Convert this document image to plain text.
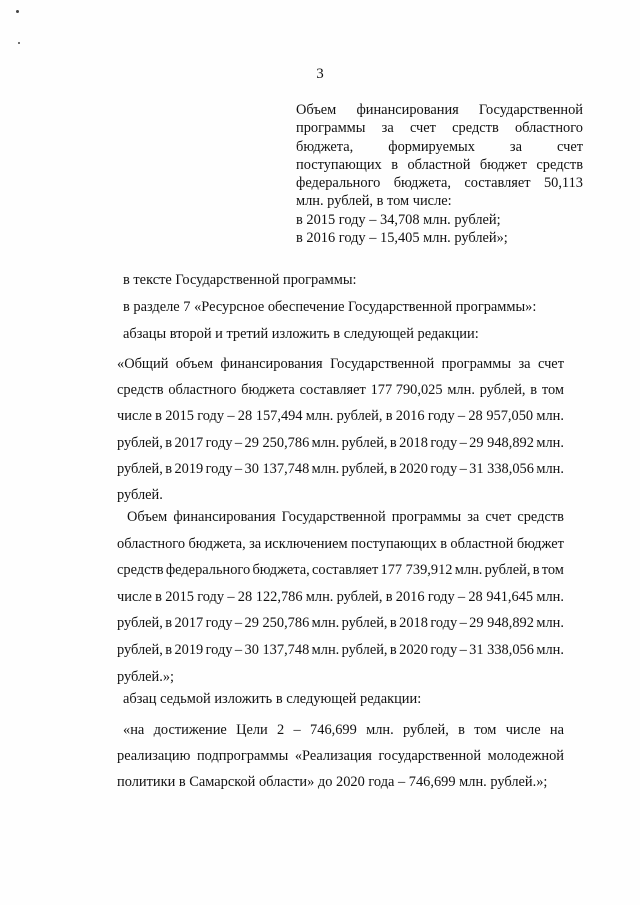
3
Объем финансирования Государственной
программы за счет средств областного
бюджета, формируемых за счет
поступающих в областной бюджет средств
федерального бюджета, составляет 50,113
млн. рублей, в том числе:
в 2015 году – 34,708 млн. рублей;
в 2016 году – 15,405 млн. рублей»;
в тексте Государственной программы:
в разделе 7 «Ресурсное обеспечение Государственной программы»:
абзацы второй и третий изложить в следующей редакции:
«Общий объем финансирования Государственной программы за счет
средств областного бюджета составляет 177 790,025 млн. рублей, в том
числе в 2015 году – 28 157,494 млн. рублей, в 2016 году – 28 957,050 млн.
рублей, в 2017 году – 29 250,786 млн. рублей, в 2018 году – 29 948,892 млн.
рублей, в 2019 году – 30 137,748 млн. рублей, в 2020 году – 31 338,056 млн.
рублей.
Объем финансирования Государственной программы за счет средств
областного бюджета, за исключением поступающих в областной бюджет
средств федерального бюджета, составляет 177 739,912 млн. рублей, в том
числе в 2015 году – 28 122,786 млн. рублей, в 2016 году – 28 941,645 млн.
рублей, в 2017 году – 29 250,786 млн. рублей, в 2018 году – 29 948,892 млн.
рублей, в 2019 году – 30 137,748 млн. рублей, в 2020 году – 31 338,056 млн.
рублей.»;
абзац седьмой изложить в следующей редакции:
«на достижение Цели 2 – 746,699 млн. рублей, в том числе на
реализацию подпрограммы «Реализация государственной молодежной
политики в Самарской области» до 2020 года – 746,699 млн. рублей.»;
